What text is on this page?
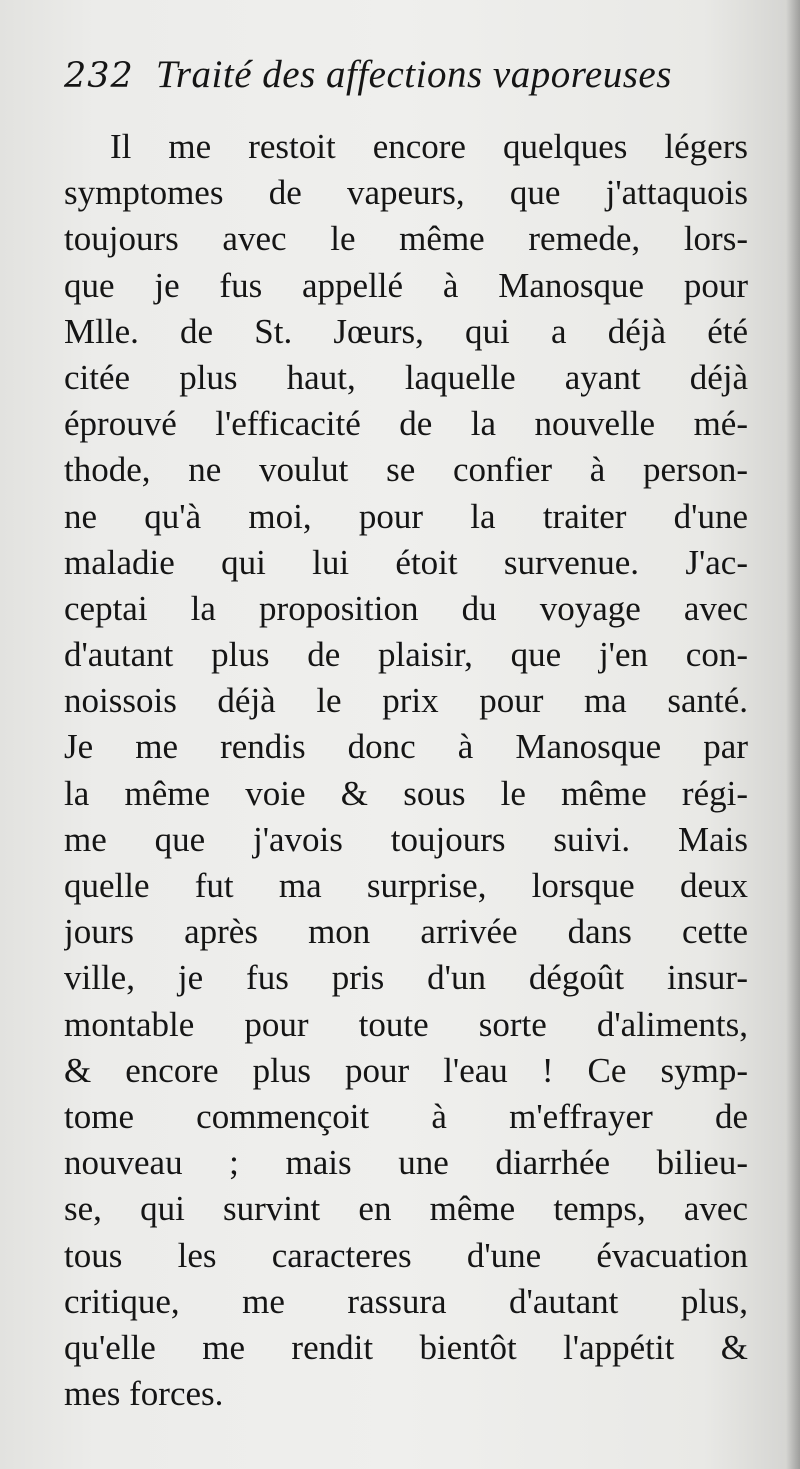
232 Traité des affections vaporeuses
Il me restoit encore quelques légers
symptomes de vapeurs, que j'attaquois
toujours avec le même remede, lors-
que je fus appellé à Manosque pour
Mlle. de St. Jœurs, qui a déjà été
citée plus haut, laquelle ayant déjà
éprouvé l'efficacité de la nouvelle mé-
thode, ne voulut se confier à person-
ne qu'à moi, pour la traiter d'une
maladie qui lui étoit survenue. J'ac-
ceptai la proposition du voyage avec
d'autant plus de plaisir, que j'en con-
noissois déjà le prix pour ma santé.
Je me rendis donc à Manosque par
la même voie & sous le même régi-
me que j'avois toujours suivi. Mais
quelle fut ma surprise, lorsque deux
jours après mon arrivée dans cette
ville, je fus pris d'un dégoût insur-
montable pour toute sorte d'aliments,
& encore plus pour l'eau ! Ce symp-
tome commençoit à m'effrayer de
nouveau ; mais une diarrhée bilieu-
se, qui survint en même temps, avec
tous les caracteres d'une évacuation
critique, me rassura d'autant plus,
qu'elle me rendit bientôt l'appétit &
mes forces.
